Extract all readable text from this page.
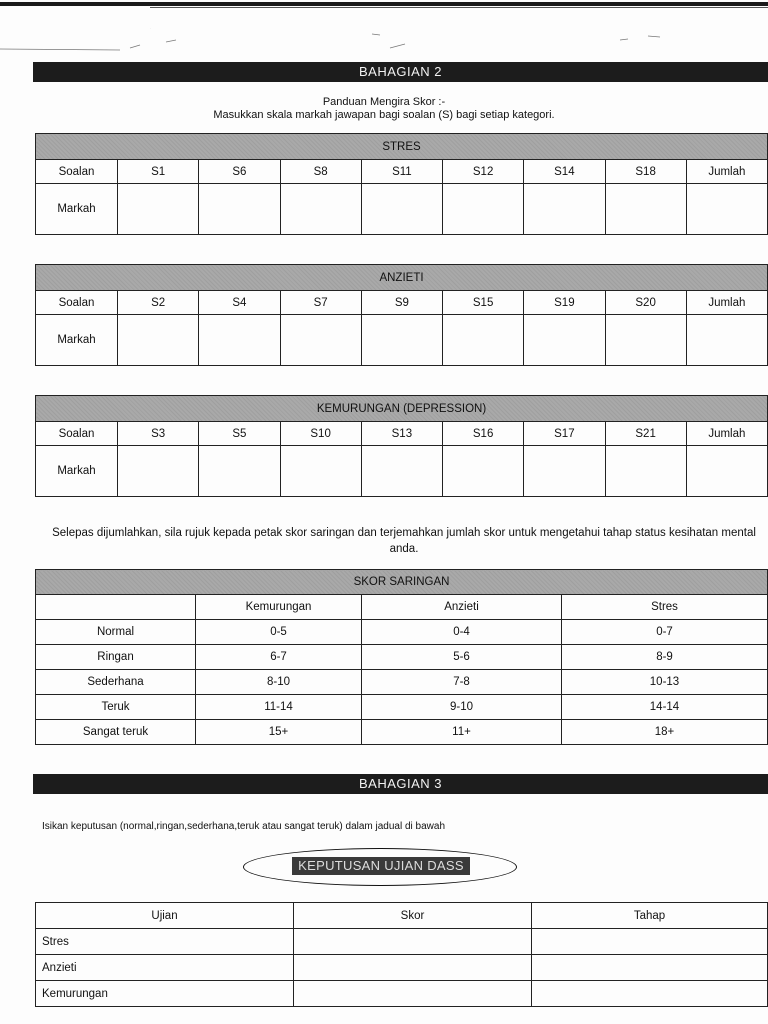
BAHAGIAN 2
Panduan Mengira Skor :-
Masukkan skala markah jawapan bagi soalan (S) bagi setiap kategori.
STRES								
Soalan	S1	S6	S8	S11	S12	S14	S18	Jumlah
Markah								
ANZIETI								
Soalan	S2	S4	S7	S9	S15	S19	S20	Jumlah
Markah								
KEMURUNGAN (DEPRESSION)								
Soalan	S3	S5	S10	S13	S16	S17	S21	Jumlah
Markah								
Selepas dijumlahkan, sila rujuk kepada petak skor saringan dan terjemahkan jumlah skor untuk mengetahui tahap status kesihatan mental anda.
SKOR SARINGAN			
	Kemurungan	Anzieti	Stres
Normal	0-5	0-4	0-7
Ringan	6-7	5-6	8-9
Sederhana	8-10	7-8	10-13
Teruk	11-14	9-10	14-14
Sangat teruk	15+	11+	18+
BAHAGIAN 3
Isikan keputusan (normal,ringan,sederhana,teruk atau sangat teruk) dalam jadual di bawah
KEPUTUSAN UJIAN DASS
Ujian	Skor	Tahap
Stres		
Anzieti		
Kemurungan		
